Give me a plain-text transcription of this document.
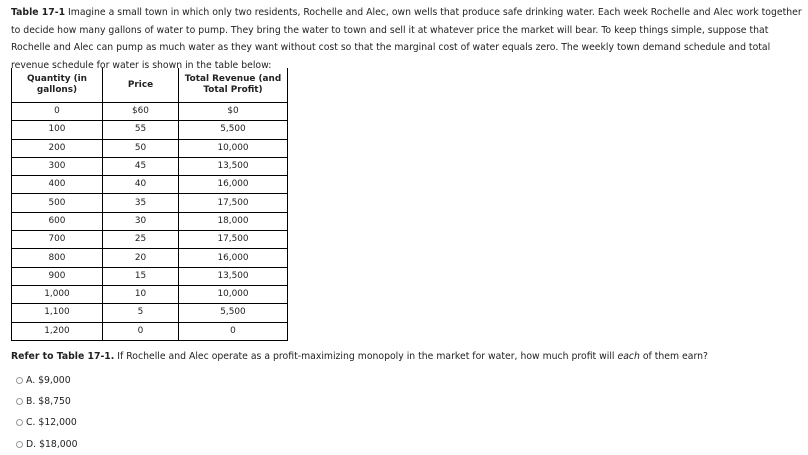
Table 17-1 Imagine a small town in which only two residents, Rochelle and Alec, own wells that produce safe drinking water. Each week Rochelle and Alec work together to decide how many gallons of water to pump. They bring the water to town and sell it at whatever price the market will bear. To keep things simple, suppose that Rochelle and Alec can pump as much water as they want without cost so that the marginal cost of water equals zero. The weekly town demand schedule and total revenue schedule for water is shown in the table below:

Quantity (in gallons)	Price	Total Revenue (and Total Profit)
0	$60	$0
100	55	5,500
200	50	10,000
300	45	13,500
400	40	16,000
500	35	17,500
600	30	18,000
700	25	17,500
800	20	16,000
900	15	13,500
1,000	10	10,000
1,100	5	5,500
1,200	0	0

Refer to Table 17-1. If Rochelle and Alec operate as a profit-maximizing monopoly in the market for water, how much profit will each of them earn?

A. $9,000
B. $8,750
C. $12,000
D. $18,000
